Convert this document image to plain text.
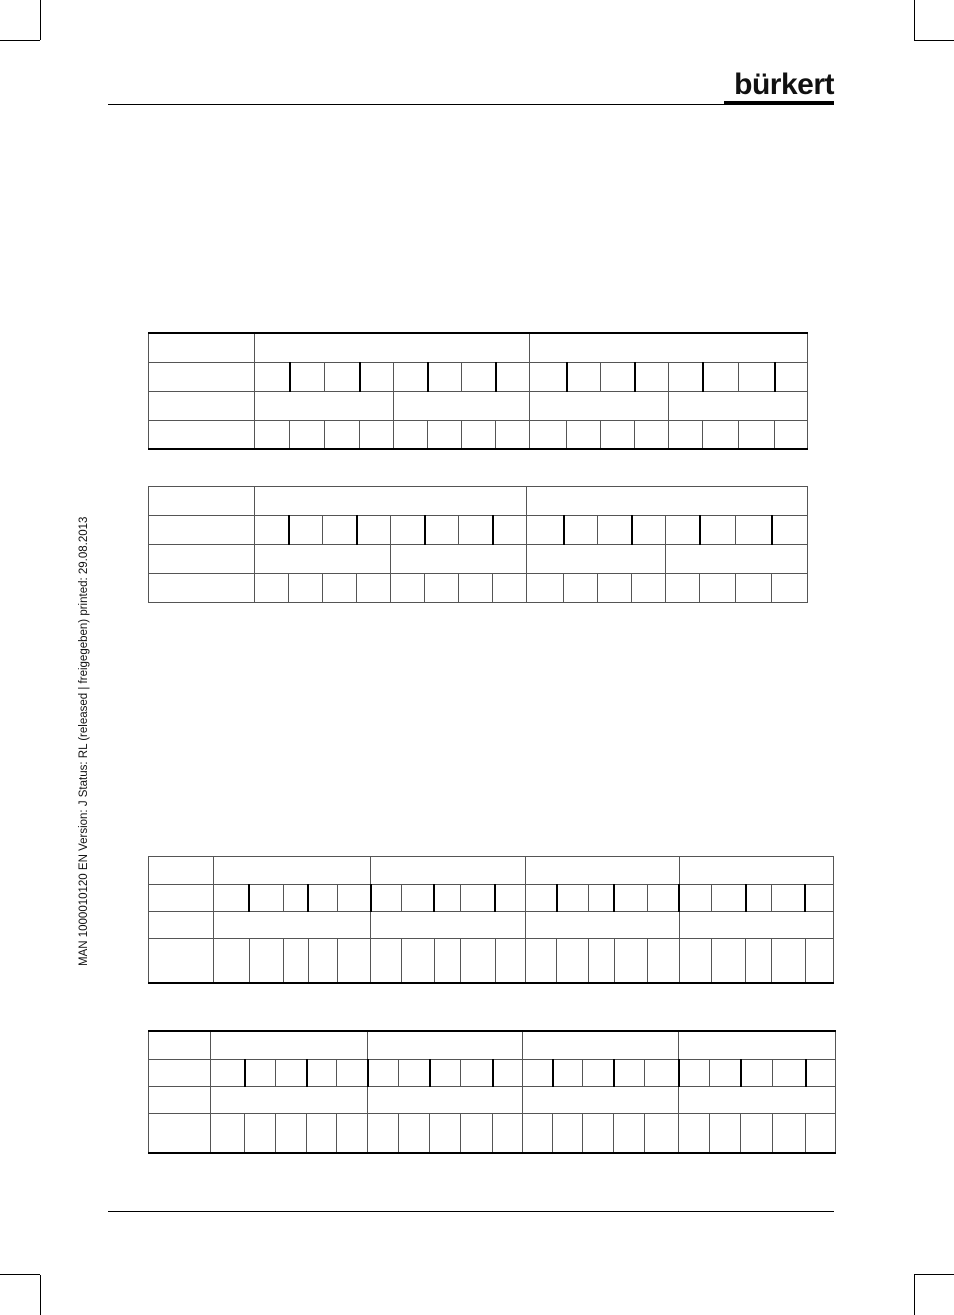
bürkert
MAN 1000010120 EN Version: J Status: RL (released | freigegeben) printed: 29.08.2013
